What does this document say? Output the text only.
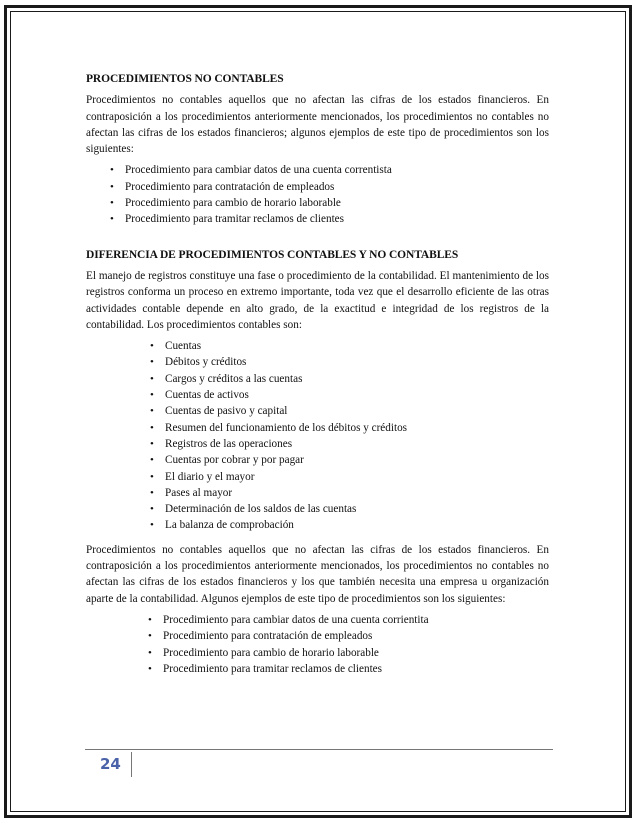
PROCEDIMIENTOS NO CONTABLES

Procedimientos no contables aquellos que no afectan las cifras de los estados financieros. En contraposición a los procedimientos anteriormente mencionados, los procedimientos no contables no afectan las cifras de los estados financieros; algunos ejemplos de este tipo de procedimientos son los siguientes:

• Procedimiento para cambiar datos de una cuenta correntista
• Procedimiento para contratación de empleados
• Procedimiento para cambio de horario laborable
• Procedimiento para tramitar reclamos de clientes
DIFERENCIA DE PROCEDIMIENTOS CONTABLES Y NO CONTABLES

El manejo de registros constituye una fase o procedimiento de la contabilidad. El mantenimiento de los registros conforma un proceso en extremo importante, toda vez que el desarrollo eficiente de las otras actividades contable depende en alto grado, de la exactitud e integridad de los registros de la contabilidad. Los procedimientos contables son:

• Cuentas
• Débitos y créditos
• Cargos y créditos a las cuentas
• Cuentas de activos
• Cuentas de pasivo y capital
• Resumen del funcionamiento de los débitos y créditos
• Registros de las operaciones
• Cuentas por cobrar y por pagar
• El diario y el mayor
• Pases al mayor
• Determinación de los saldos de las cuentas
• La balanza de comprobación

Procedimientos no contables aquellos que no afectan las cifras de los estados financieros. En contraposición a los procedimientos anteriormente mencionados, los procedimientos no contables no afectan las cifras de los estados financieros y los que también necesita una empresa u organización aparte de la contabilidad. Algunos ejemplos de este tipo de procedimientos son los siguientes:

• Procedimiento para cambiar datos de una cuenta corrientita
• Procedimiento para contratación de empleados
• Procedimiento para cambio de horario laborable
• Procedimiento para tramitar reclamos de clientes
24
